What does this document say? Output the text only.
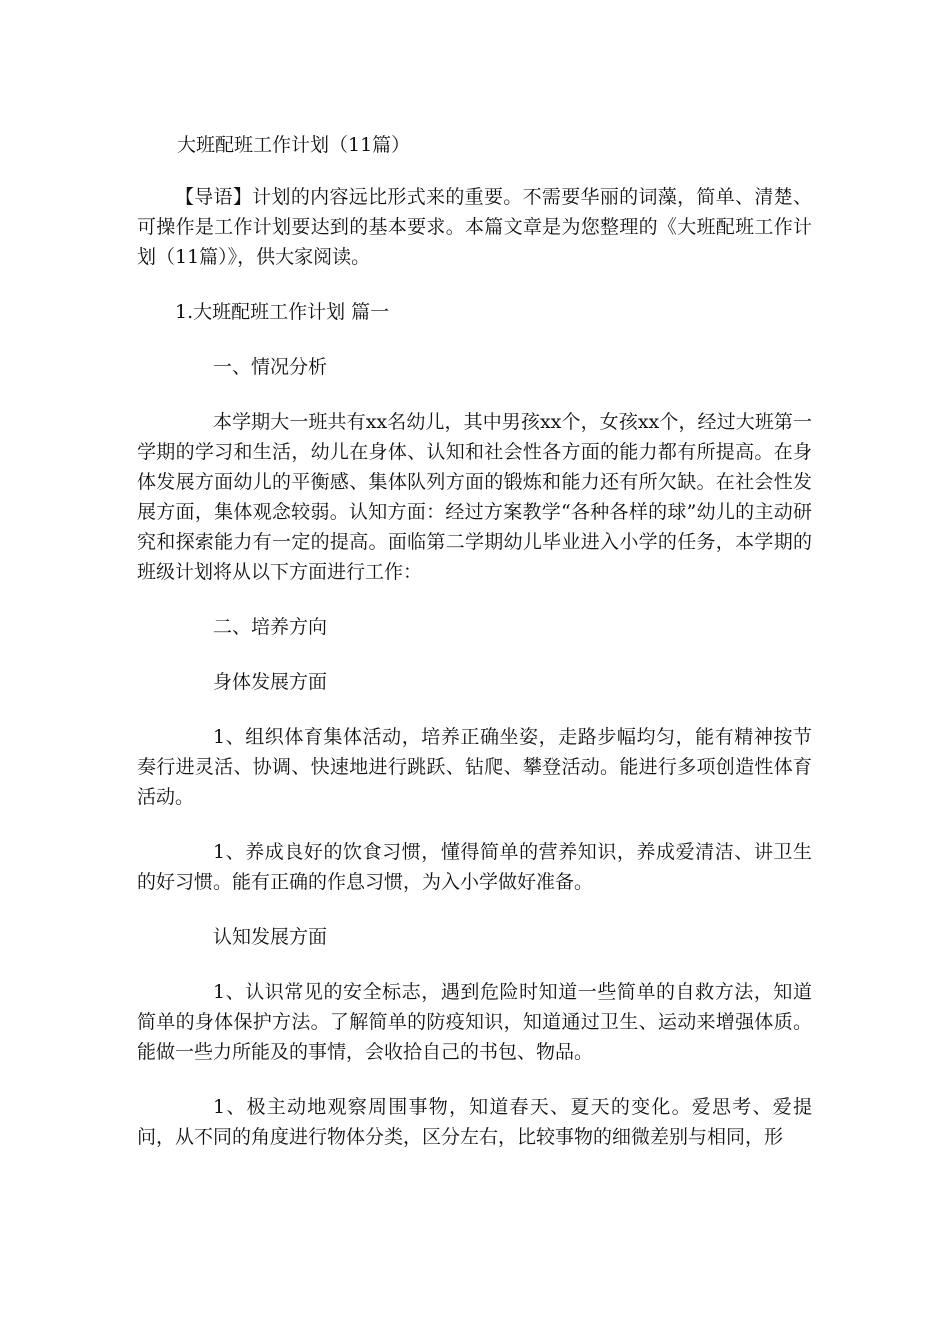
大班配班工作计划（11篇）
【导语】计划的内容远比形式来的重要。不需要华丽的词藻，简单、清楚、可操作是工作计划要达到的基本要求。本篇文章是为您整理的《大班配班工作计划（11篇）》，供大家阅读。
1.大班配班工作计划 篇一
一、情况分析
本学期大一班共有xx名幼儿，其中男孩xx个，女孩xx个，经过大班第一学期的学习和生活，幼儿在身体、认知和社会性各方面的能力都有所提高。在身体发展方面幼儿的平衡感、集体队列方面的锻炼和能力还有所欠缺。在社会性发展方面，集体观念较弱。认知方面：经过方案教学“各种各样的球”幼儿的主动研究和探索能力有一定的提高。面临第二学期幼儿毕业进入小学的任务，本学期的班级计划将从以下方面进行工作：
二、培养方向
身体发展方面
1、组织体育集体活动，培养正确坐姿，走路步幅均匀，能有精神按节奏行进灵活、协调、快速地进行跳跃、钻爬、攀登活动。能进行多项创造性体育活动。
1、养成良好的饮食习惯，懂得简单的营养知识，养成爱清洁、讲卫生的好习惯。能有正确的作息习惯，为入小学做好准备。
认知发展方面
1、认识常见的安全标志，遇到危险时知道一些简单的自救方法，知道简单的身体保护方法。了解简单的防疫知识，知道通过卫生、运动来增强体质。能做一些力所能及的事情，会收拾自己的书包、物品。
1、极主动地观察周围事物，知道春天、夏天的变化。爱思考、爱提问，从不同的角度进行物体分类，区分左右，比较事物的细微差别与相同，形
